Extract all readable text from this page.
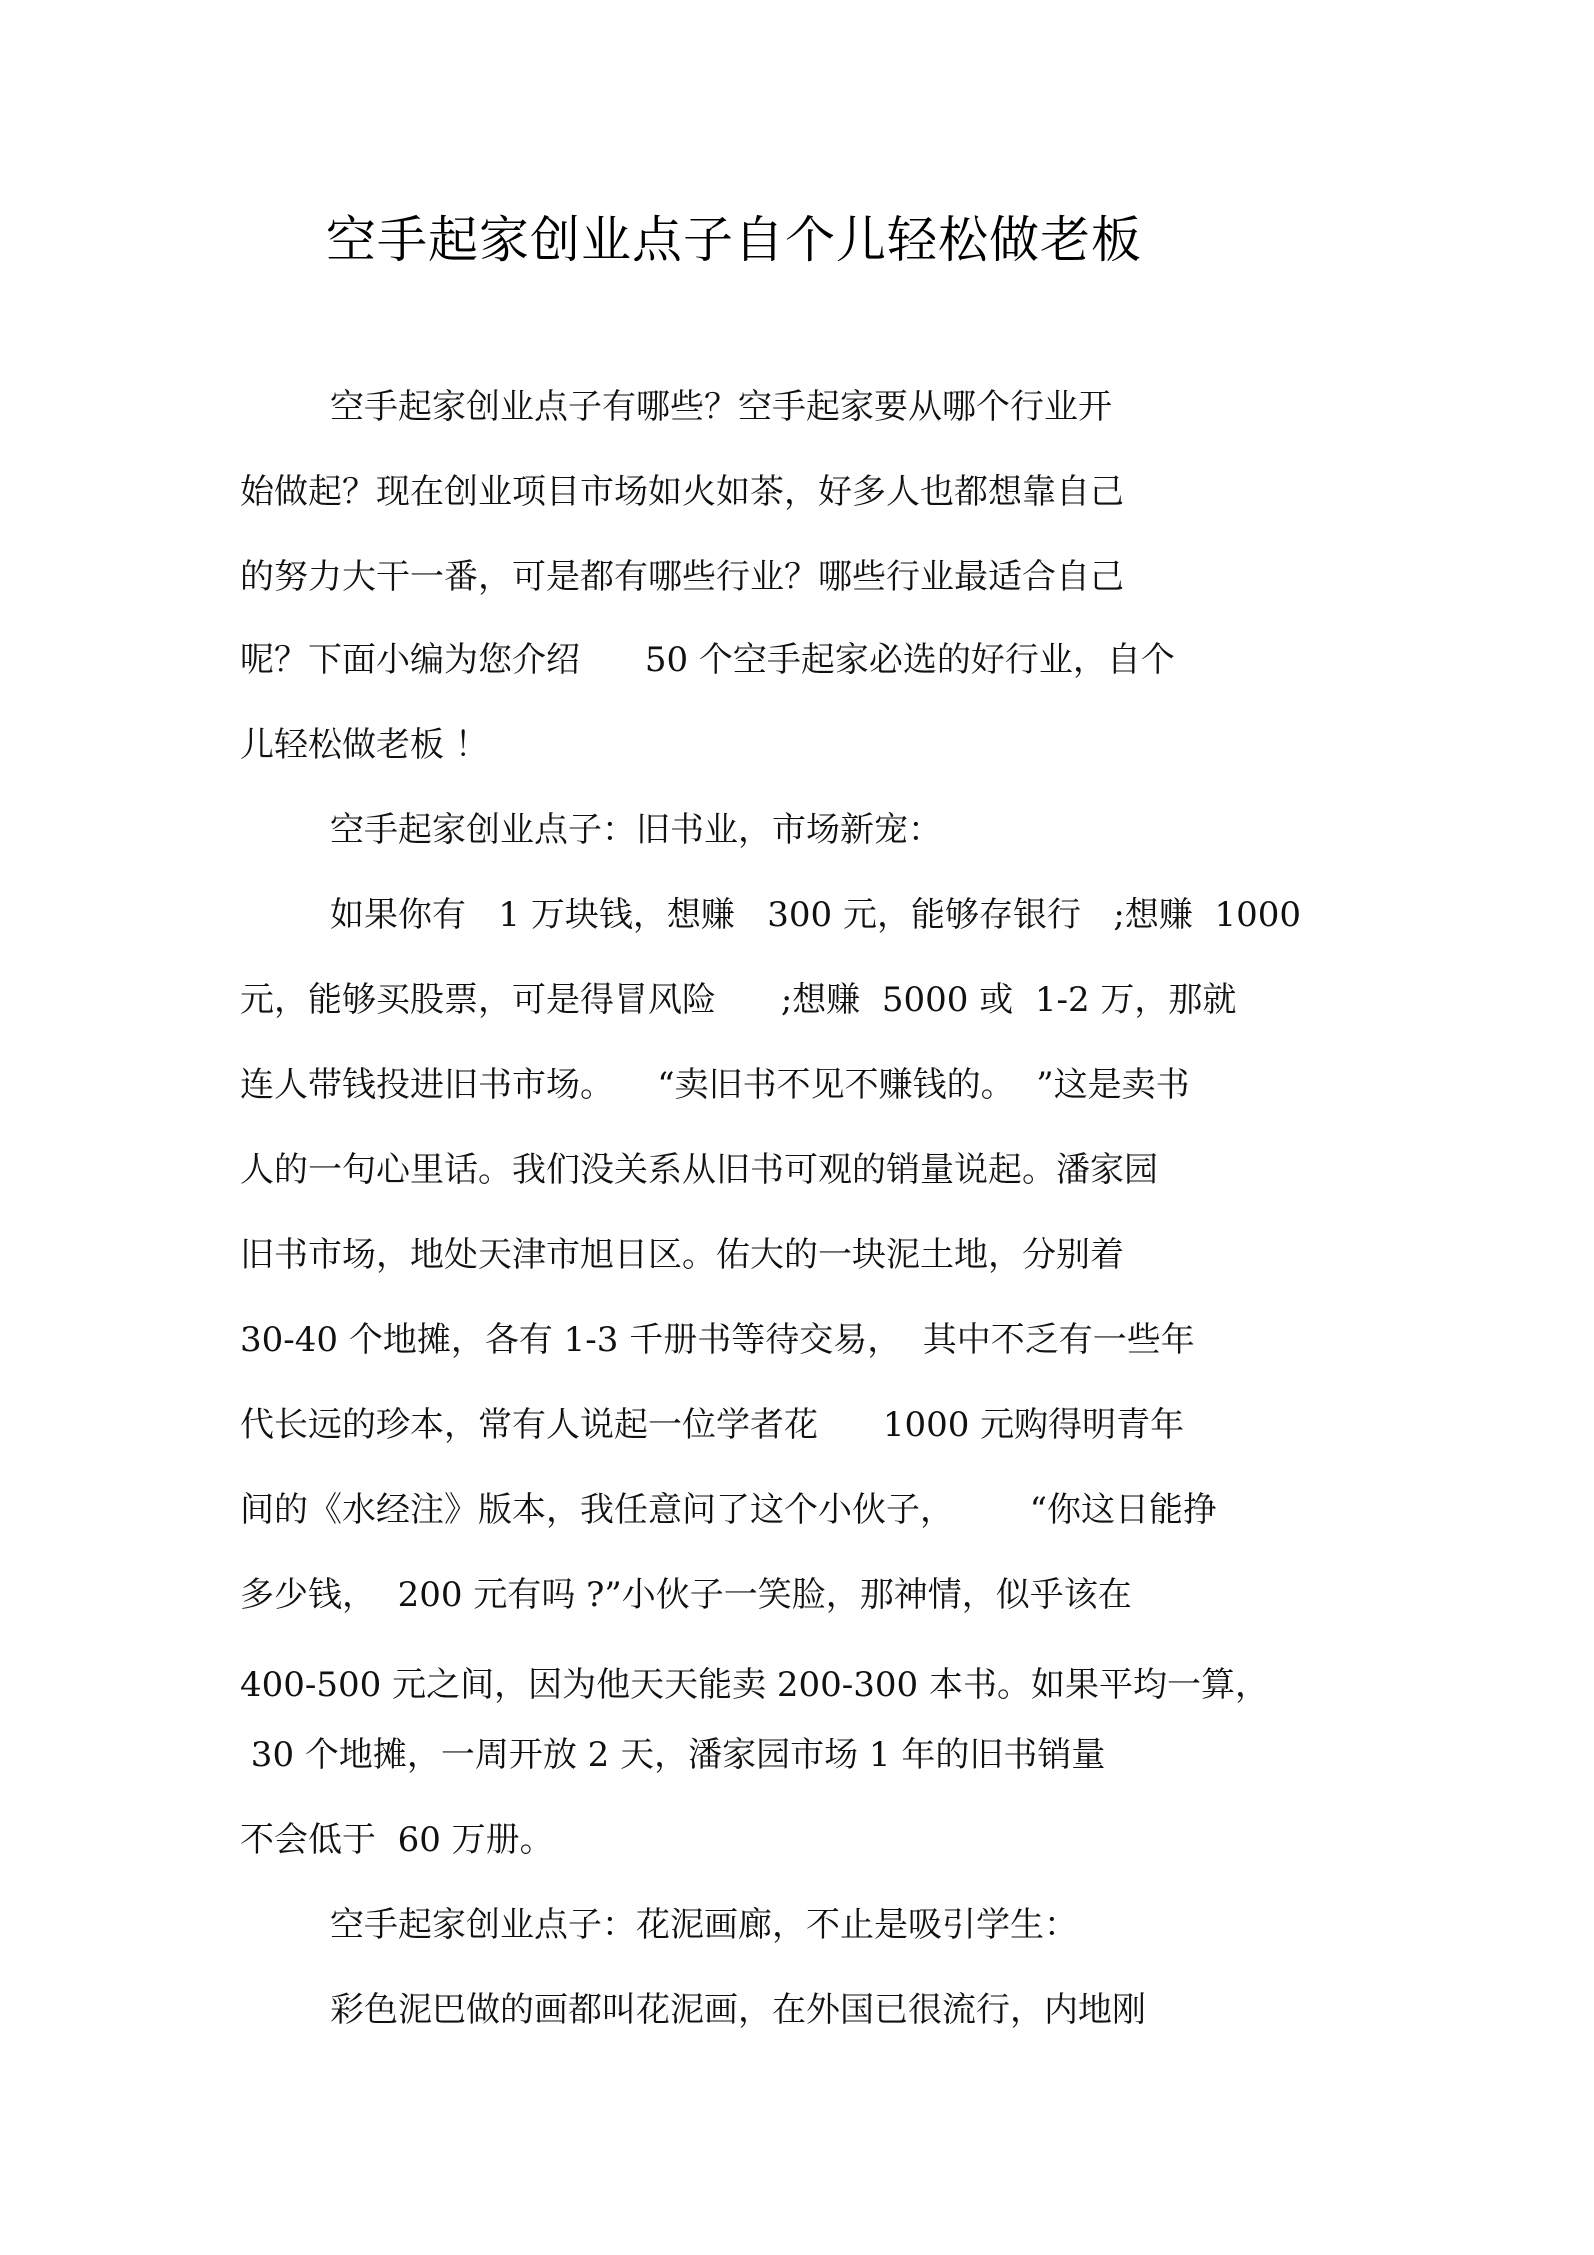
空手起家创业点子自个儿轻松做老板
空手起家创业点子有哪些？空手起家要从哪个行业开
始做起？现在创业项目市场如火如茶，好多人也都想靠自己
的努力大干一番，可是都有哪些行业？哪些行业最适合自己
呢？下面小编为您介绍      50 个空手起家必选的好行业，自个
儿轻松做老板 ！
空手起家创业点子：旧书业，市场新宠：
如果你有   1 万块钱，想赚   300 元，能够存银行   ;想赚  1000
元，能够买股票，可是得冒风险      ;想赚  5000 或  1-2 万，那就
连人带钱投进旧书市场。    “卖旧书不见不赚钱的。  ”这是卖书
人的一句心里话。我们没关系从旧书可观的销量说起。潘家园
旧书市场，地处天津市旭日区。佑大的一块泥土地，分别着
30-40 个地摊，各有 1-3 千册书等待交易，  其中不乏有一些年
代长远的珍本，常有人说起一位学者花      1000 元购得明青年
间的《水经注》版本，我任意问了这个小伙子，       “你这日能挣
多少钱，  200 元有吗 ?”小伙子一笑脸，那神情，似乎该在
400-500 元之间，因为他天天能卖 200-300 本书。如果平均一算，
30 个地摊，一周开放 2 天，潘家园市场 1 年的旧书销量
不会低于  60 万册。
空手起家创业点子：花泥画廊，不止是吸引学生：
彩色泥巴做的画都叫花泥画，在外国已很流行，内地刚
